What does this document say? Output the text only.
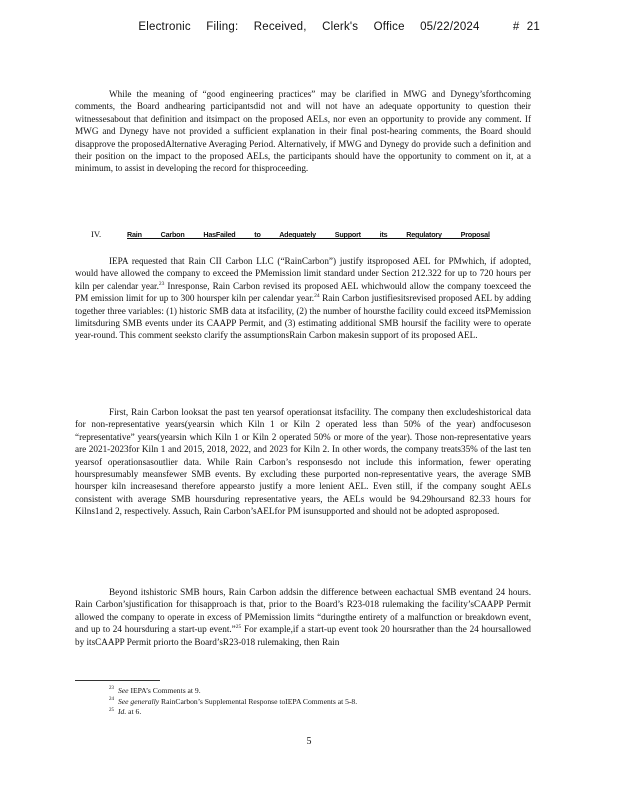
Electronic Filing: Received, Clerk's Office 05/22/2024	# 21

While the meaning of “good engineering practices” may be clarified in MWG and Dynegy’sforthcoming comments, the Board andhearing participantsdid not and will not have an adequate opportunity to question their witnessesabout that definition and itsimpact on the proposed AELs, nor even an opportunity to provide any comment. If MWG and Dynegy have not provided a sufficient explanation in their final post-hearing comments, the Board should disapprove the proposedAlternative Averaging Period. Alternatively, if MWG and Dynegy do provide such a definition and their position on the impact to the proposed AELs, the participants should have the opportunity to comment on it, at a minimum, to assist in developing the record for thisproceeding.

IV.	Rain Carbon HasFailed to Adequately Support its Regulatory Proposal

IEPA requested that Rain CII Carbon LLC (“RainCarbon”) justify itsproposed AEL for PMwhich, if adopted, would have allowed the company to exceed the PMemission limit standard under Section 212.322 for up to 720 hours per kiln per calendar year.$^{23}$ Inresponse, Rain Carbon revised its proposed AEL whichwould allow the company toexceed the PM emission limit for up to 300 hoursper kiln per calendar year.$^{24}$ Rain Carbon justifiesitsrevised proposed AEL by adding together three variables: (1) historic SMB data at itsfacility, (2) the number of hoursthe facility could exceed itsPMemission limitsduring SMB events under its CAAPP Permit, and (3) estimating additional SMB hoursif the facility were to operate year-round. This comment seeksto clarify the assumptionsRain Carbon makesin support of its proposed AEL.

First, Rain Carbon looksat the past ten yearsof operationsat itsfacility. The company then excludeshistorical data for non-representative years(yearsin which Kiln 1 or Kiln 2 operated less than 50% of the year) andfocuseson “representative” years(yearsin which Kiln 1 or Kiln 2 operated 50% or more of the year). Those non-representative years are 2021-2023for Kiln 1 and 2015, 2018, 2022, and 2023 for Kiln 2. In other words, the company treats35% of the last ten yearsof operationsasoutlier data. While Rain Carbon’s responsesdo not include this information, fewer operating hourspresumably meansfewer SMB events. By excluding these purported non-representative years, the average SMB hoursper kiln increasesand therefore appearsto justify a more lenient AEL. Even still, if the company sought AELs consistent with average SMB hoursduring representative years, the AELs would be 94.29hoursand 82.33 hours for Kilns1and 2, respectively. Assuch, Rain Carbon’sAELfor PM isunsupported and should not be adopted asproposed.

Beyond itshistoric SMB hours, Rain Carbon addsin the difference between eachactual SMB eventand 24 hours. Rain Carbon’sjustification for thisapproach is that, prior to the Board’s R23-018 rulemaking the facility’sCAAPP Permit allowed the company to operate in excess of PMemission limits “duringthe entirety of a malfunction or breakdown event, and up to 24 hoursduring a start-up event.”$^{25}$ For example,if a start-up event took 20 hoursrather than the 24 hoursallowed by itsCAAPP Permit priorto the Board’sR23-018 rulemaking, then Rain

$^{23}$ See IEPA’s Comments at 9.

$^{24}$ See generally RainCarbon’s Supplemental Response toIEPA Comments at 5-8.

$^{25}$ Id. at 6.

5
